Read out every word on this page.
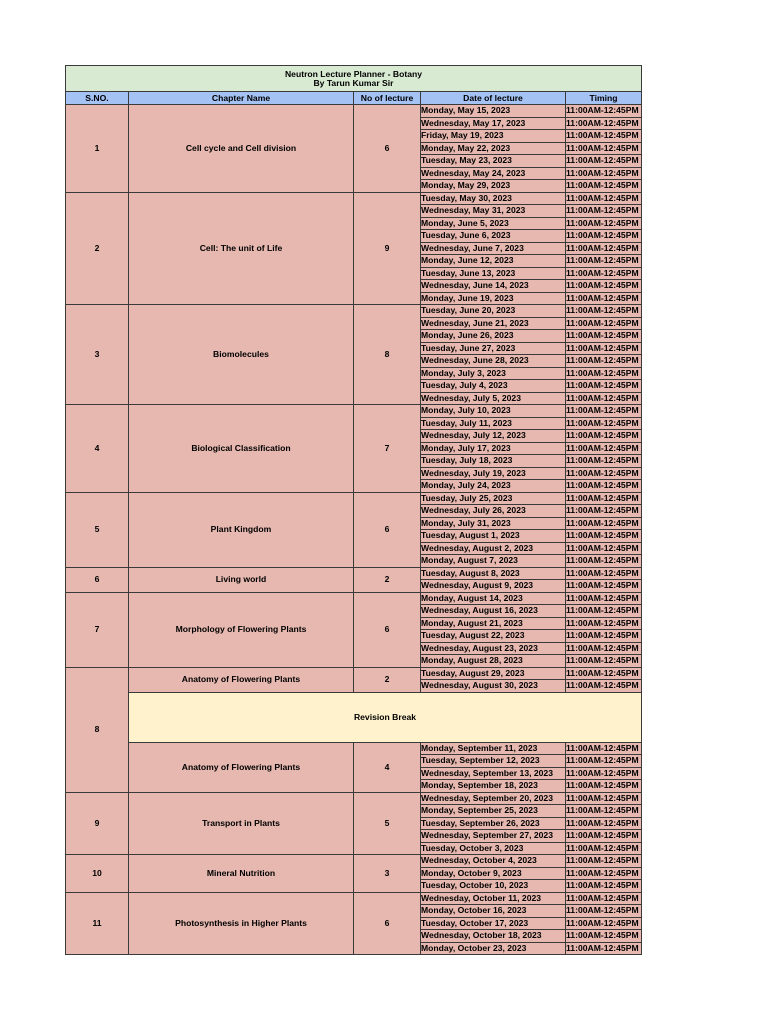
Neutron Lecture Planner - Botany
By Tarun Kumar Sir				

S.NO.	Chapter Name	No of lecture	Date of lecture	Timing
1	Cell cycle and Cell division	6	Monday, May 15, 2023	11:00AM-12:45PM
			Wednesday, May 17, 2023	11:00AM-12:45PM
			Friday, May 19, 2023	11:00AM-12:45PM
			Monday, May 22, 2023	11:00AM-12:45PM
			Tuesday, May 23, 2023	11:00AM-12:45PM
			Wednesday, May 24, 2023	11:00AM-12:45PM
			Monday, May 29, 2023	11:00AM-12:45PM
2	Cell: The unit of Life	9	Tuesday, May 30, 2023	11:00AM-12:45PM
			Wednesday, May 31, 2023	11:00AM-12:45PM
			Monday, June 5, 2023	11:00AM-12:45PM
			Tuesday, June 6, 2023	11:00AM-12:45PM
			Wednesday, June 7, 2023	11:00AM-12:45PM
			Monday, June 12, 2023	11:00AM-12:45PM
			Tuesday, June 13, 2023	11:00AM-12:45PM
			Wednesday, June 14, 2023	11:00AM-12:45PM
			Monday, June 19, 2023	11:00AM-12:45PM
3	Biomolecules	8	Tuesday, June 20, 2023	11:00AM-12:45PM
			Wednesday, June 21, 2023	11:00AM-12:45PM
			Monday, June 26, 2023	11:00AM-12:45PM
			Tuesday, June 27, 2023	11:00AM-12:45PM
			Wednesday, June 28, 2023	11:00AM-12:45PM
			Monday, July 3, 2023	11:00AM-12:45PM
			Tuesday, July 4, 2023	11:00AM-12:45PM
			Wednesday, July 5, 2023	11:00AM-12:45PM
4	Biological Classification	7	Monday, July 10, 2023	11:00AM-12:45PM
			Tuesday, July 11, 2023	11:00AM-12:45PM
			Wednesday, July 12, 2023	11:00AM-12:45PM
			Monday, July 17, 2023	11:00AM-12:45PM
			Tuesday, July 18, 2023	11:00AM-12:45PM
			Wednesday, July 19, 2023	11:00AM-12:45PM
			Monday, July 24, 2023	11:00AM-12:45PM
5	Plant Kingdom	6	Tuesday, July 25, 2023	11:00AM-12:45PM
			Wednesday, July 26, 2023	11:00AM-12:45PM
			Monday, July 31, 2023	11:00AM-12:45PM
			Tuesday, August 1, 2023	11:00AM-12:45PM
			Wednesday, August 2, 2023	11:00AM-12:45PM
			Monday, August 7, 2023	11:00AM-12:45PM
6	Living world	2	Tuesday, August 8, 2023	11:00AM-12:45PM
			Wednesday, August 9, 2023	11:00AM-12:45PM
7	Morphology of Flowering Plants	6	Monday, August 14, 2023	11:00AM-12:45PM
			Wednesday, August 16, 2023	11:00AM-12:45PM
			Monday, August 21, 2023	11:00AM-12:45PM
			Tuesday, August 22, 2023	11:00AM-12:45PM
			Wednesday, August 23, 2023	11:00AM-12:45PM
			Monday, August 28, 2023	11:00AM-12:45PM
8	Anatomy of Flowering Plants	2	Tuesday, August 29, 2023	11:00AM-12:45PM
			Wednesday, August 30, 2023	11:00AM-12:45PM
	Revision Break			
	Anatomy of Flowering Plants	4	Monday, September 11, 2023	11:00AM-12:45PM
			Tuesday, September 12, 2023	11:00AM-12:45PM
			Wednesday, September 13, 2023	11:00AM-12:45PM
			Monday, September 18, 2023	11:00AM-12:45PM
9	Transport in Plants	5	Wednesday, September 20, 2023	11:00AM-12:45PM
			Monday, September 25, 2023	11:00AM-12:45PM
			Tuesday, September 26, 2023	11:00AM-12:45PM
			Wednesday, September 27, 2023	11:00AM-12:45PM
			Tuesday, October 3, 2023	11:00AM-12:45PM
10	Mineral Nutrition	3	Wednesday, October 4, 2023	11:00AM-12:45PM
			Monday, October 9, 2023	11:00AM-12:45PM
			Tuesday, October 10, 2023	11:00AM-12:45PM
11	Photosynthesis in Higher Plants	6	Wednesday, October 11, 2023	11:00AM-12:45PM
			Monday, October 16, 2023	11:00AM-12:45PM
			Tuesday, October 17, 2023	11:00AM-12:45PM
			Wednesday, October 18, 2023	11:00AM-12:45PM
			Monday, October 23, 2023	11:00AM-12:45PM
